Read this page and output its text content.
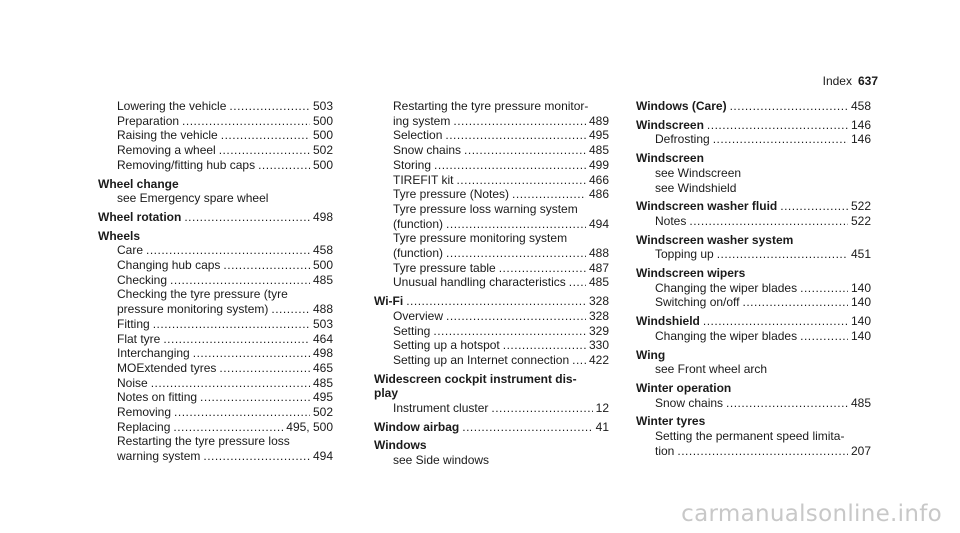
Index 637
Lowering the vehicle .....	503
Preparation .....	500
Raising the vehicle .....	500
Removing a wheel .....	502
Removing/fitting hub caps .....	500
Wheel change
see Emergency spare wheel
Wheel rotation .....	498
Wheels
Care .....	458
Changing hub caps .....	500
Checking .....	485
Checking the tyre pressure (tyre
pressure monitoring system) .....	488
Fitting .....	503
Flat tyre .....	464
Interchanging .....	498
MOExtended tyres .....	465
Noise .....	485
Notes on fitting .....	495
Removing .....	502
Replacing .....	495, 500
Restarting the tyre pressure loss
warning system .....	494
Restarting the tyre pressure monitor-
ing system .....	489
Selection .....	495
Snow chains .....	485
Storing .....	499
TIREFIT kit .....	466
Tyre pressure (Notes) .....	486
Tyre pressure loss warning system
(function) .....	494
Tyre pressure monitoring system
(function) .....	488
Tyre pressure table .....	487
Unusual handling characteristics ..... 485
Wi-Fi .....	328
Overview .....	328
Setting .....	329
Setting up a hotspot .....	330
Setting up an Internet connection ..... 422
Widescreen cockpit instrument dis-
play
Instrument cluster .....	12
Window airbag .....	41
Windows
see Side windows
Windows (Care) .....	458
Windscreen .....	146
Defrosting .....	146
Windscreen
see Windscreen
see Windshield
Windscreen washer fluid .....	522
Notes .....	522
Windscreen washer system
Topping up .....	451
Windscreen wipers
Changing the wiper blades .....	140
Switching on/off .....	140
Windshield .....	140
Changing the wiper blades .....	140
Wing
see Front wheel arch
Winter operation
Snow chains .....	485
Winter tyres
Setting the permanent speed limita-
tion .....	207
carmanualsonline.info
